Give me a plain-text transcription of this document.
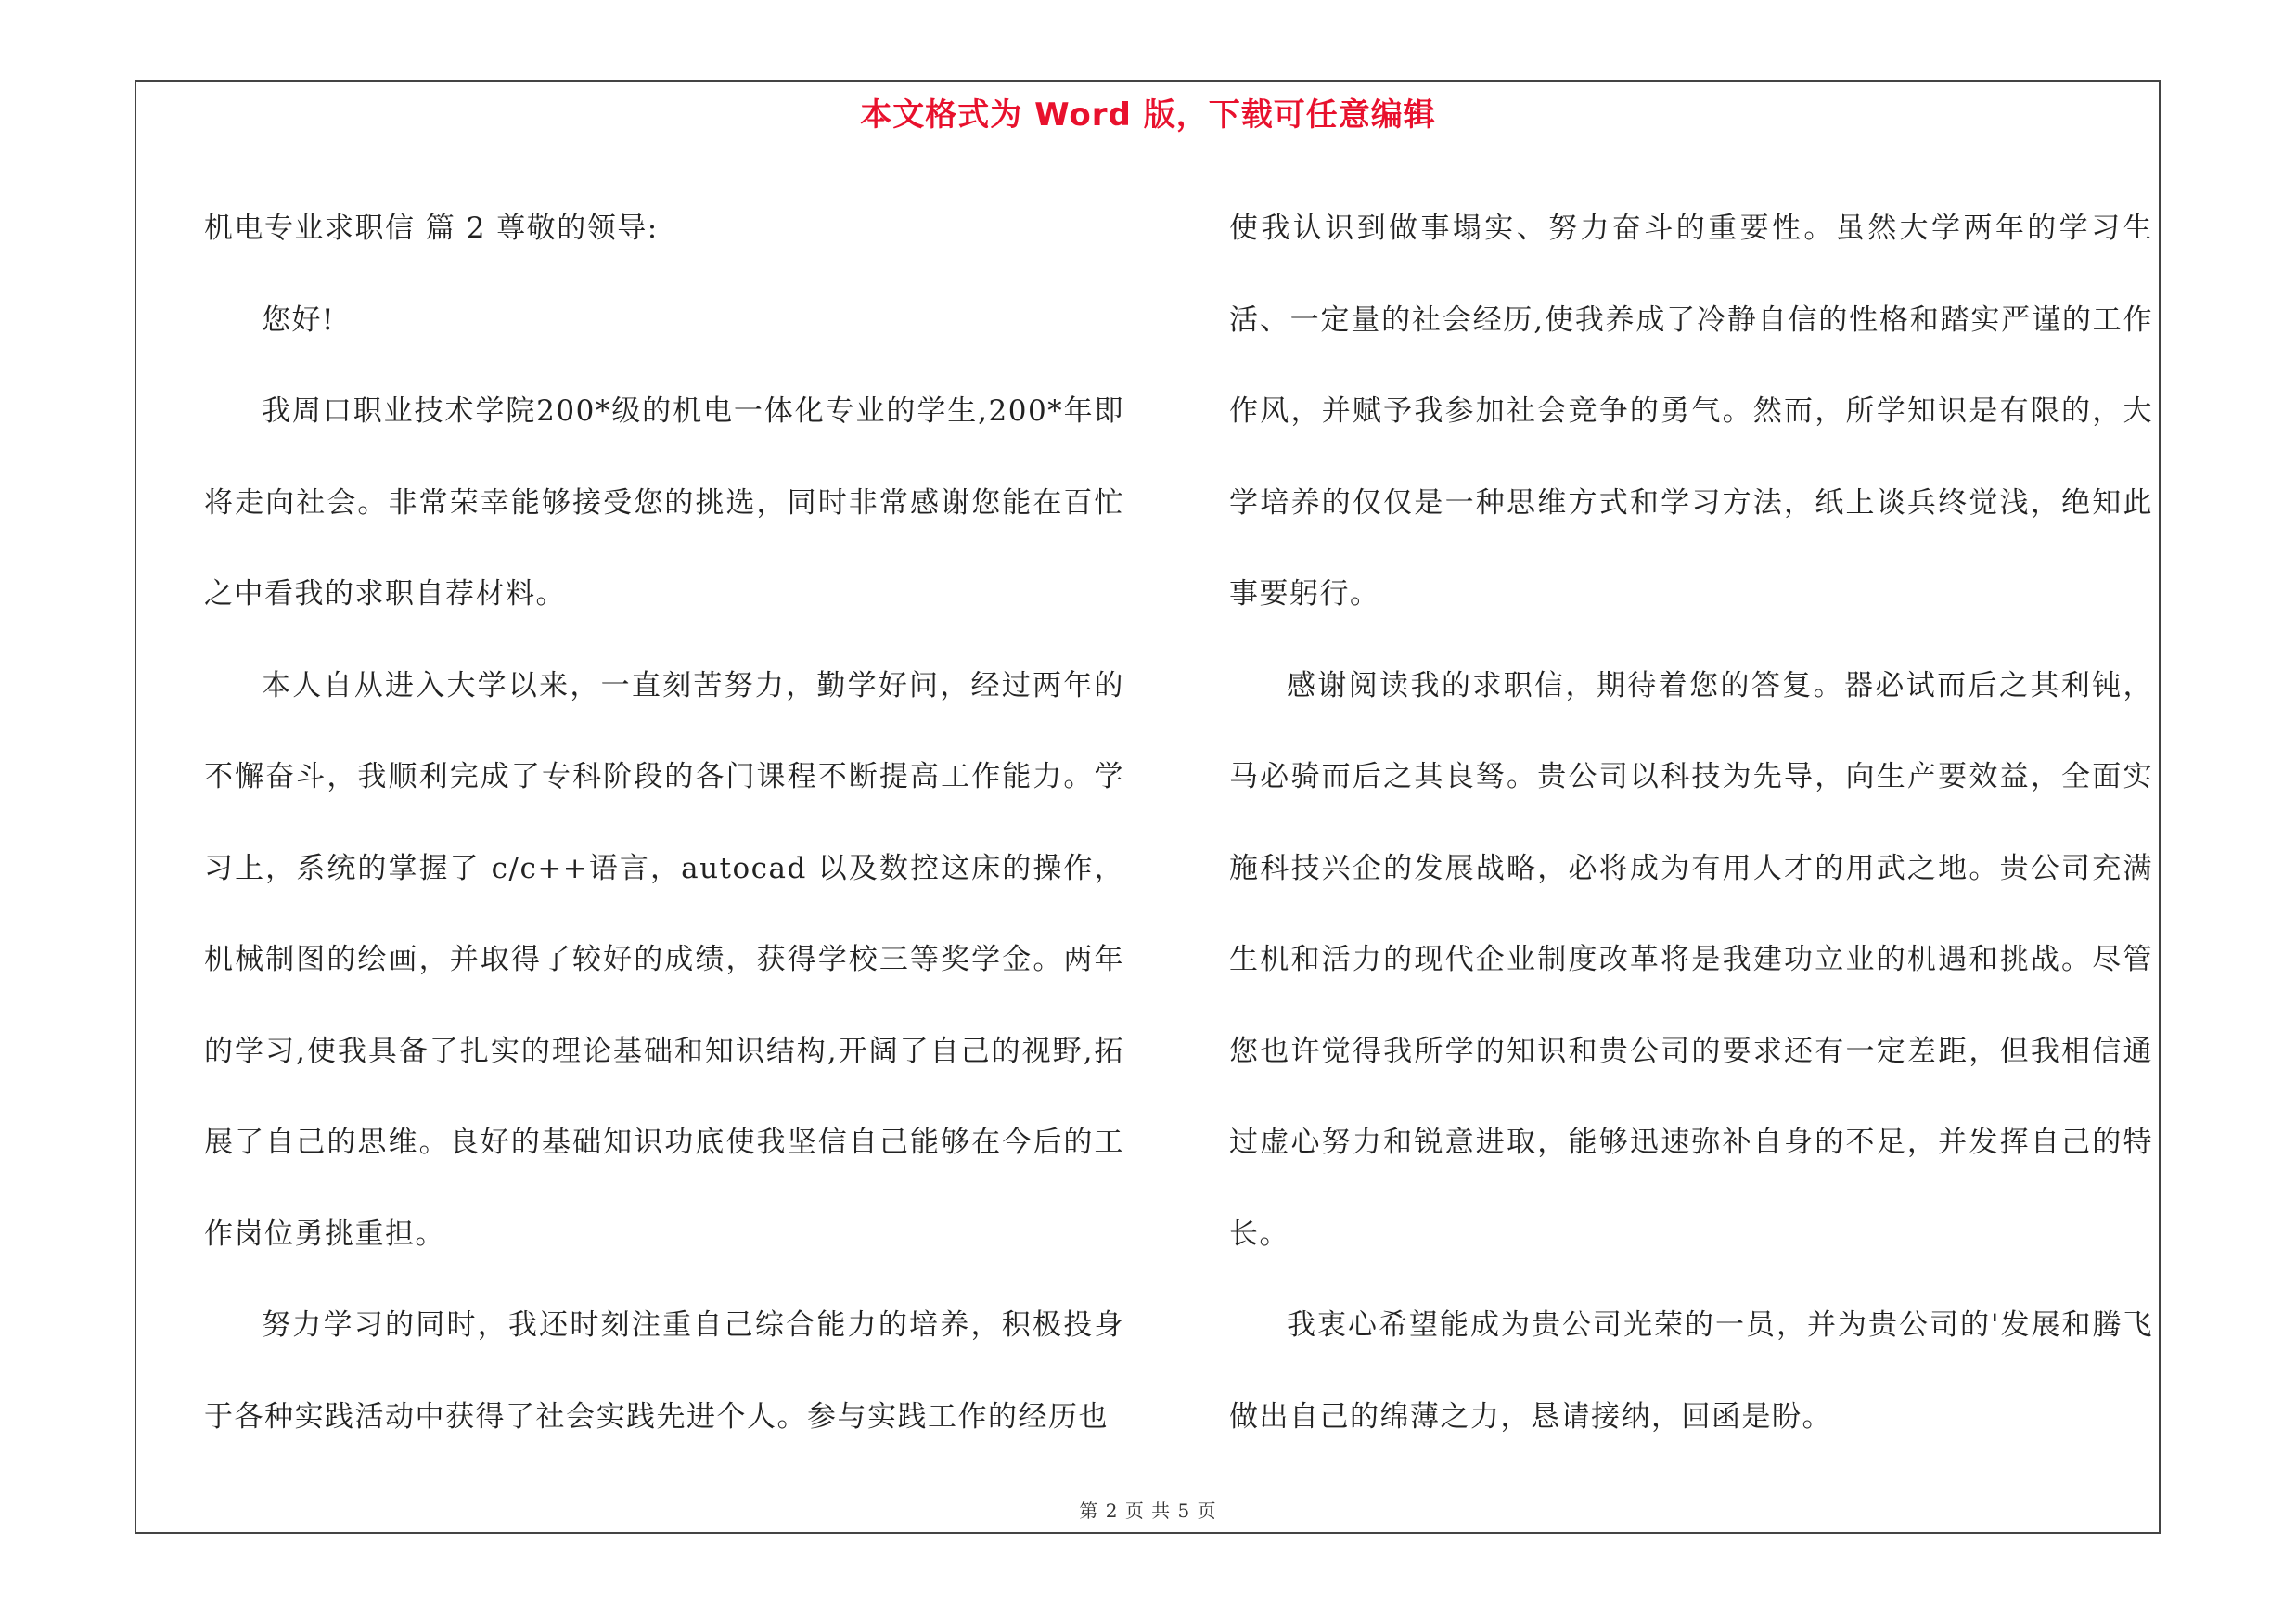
本文格式为 Word 版，下载可任意编辑

机电专业求职信 篇 2 尊敬的领导:

您好!

我周口职业技术学院200*级的机电一体化专业的学生,200*年即将走向社会。非常荣幸能够接受您的挑选，同时非常感谢您能在百忙之中看我的求职自荐材料。

本人自从进入大学以来，一直刻苦努力，勤学好问，经过两年的不懈奋斗，我顺利完成了专科阶段的各门课程不断提高工作能力。学习上，系统的掌握了 c/c++语言，autocad 以及数控这床的操作，机械制图的绘画，并取得了较好的成绩，获得学校三等奖学金。两年的学习,使我具备了扎实的理论基础和知识结构,开阔了自己的视野,拓展了自己的思维。良好的基础知识功底使我坚信自己能够在今后的工作岗位勇挑重担。

努力学习的同时，我还时刻注重自己综合能力的培养，积极投身于各种实践活动中获得了社会实践先进个人。参与实践工作的经历也

使我认识到做事塌实、努力奋斗的重要性。虽然大学两年的学习生活、一定量的社会经历,使我养成了冷静自信的性格和踏实严谨的工作作风，并赋予我参加社会竞争的勇气。然而，所学知识是有限的，大学培养的仅仅是一种思维方式和学习方法，纸上谈兵终觉浅，绝知此事要躬行。

感谢阅读我的求职信，期待着您的答复。器必试而后之其利钝，马必骑而后之其良驽。贵公司以科技为先导，向生产要效益，全面实施科技兴企的发展战略，必将成为有用人才的用武之地。贵公司充满生机和活力的现代企业制度改革将是我建功立业的机遇和挑战。尽管您也许觉得我所学的知识和贵公司的要求还有一定差距，但我相信通过虚心努力和锐意进取，能够迅速弥补自身的不足，并发挥自己的特长。

我衷心希望能成为贵公司光荣的一员，并为贵公司的'发展和腾飞做出自己的绵薄之力，恳请接纳，回函是盼。

第 2 页 共 5 页
